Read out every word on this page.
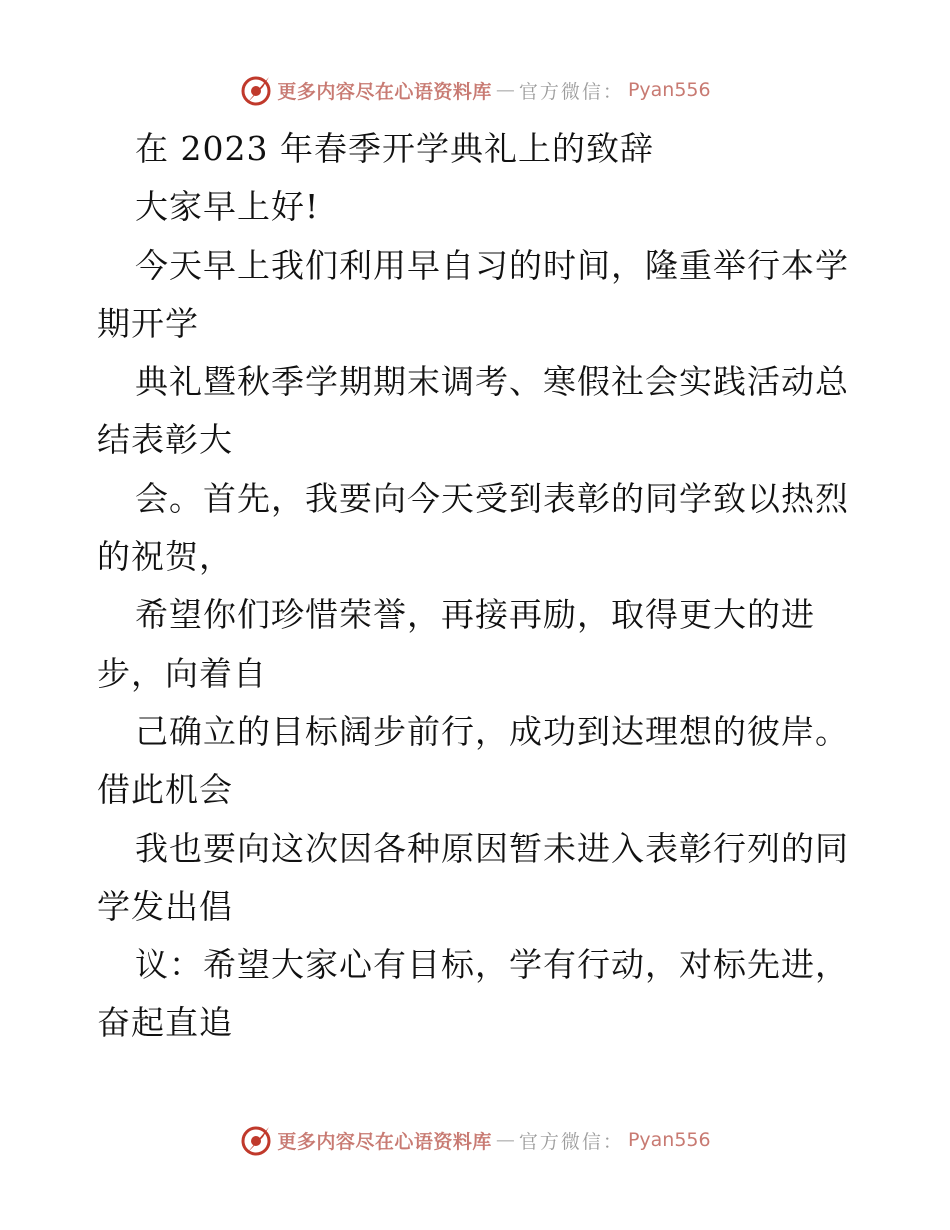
更多内容尽在心语资料库 — 官方微信： Pyan556
在 2023 年春季开学典礼上的致辞
大家早上好!
今天早上我们利用早自习的时间，隆重举行本学
期开学
典礼暨秋季学期期末调考、寒假社会实践活动总
结表彰大
会。首先，我要向今天受到表彰的同学致以热烈
的祝贺，
希望你们珍惜荣誉，再接再励，取得更大的进
步，向着自
己确立的目标阔步前行，成功到达理想的彼岸。
借此机会
我也要向这次因各种原因暂未进入表彰行列的同
学发出倡
议：希望大家心有目标，学有行动，对标先进，
奋起直追
更多内容尽在心语资料库 — 官方微信： Pyan556
